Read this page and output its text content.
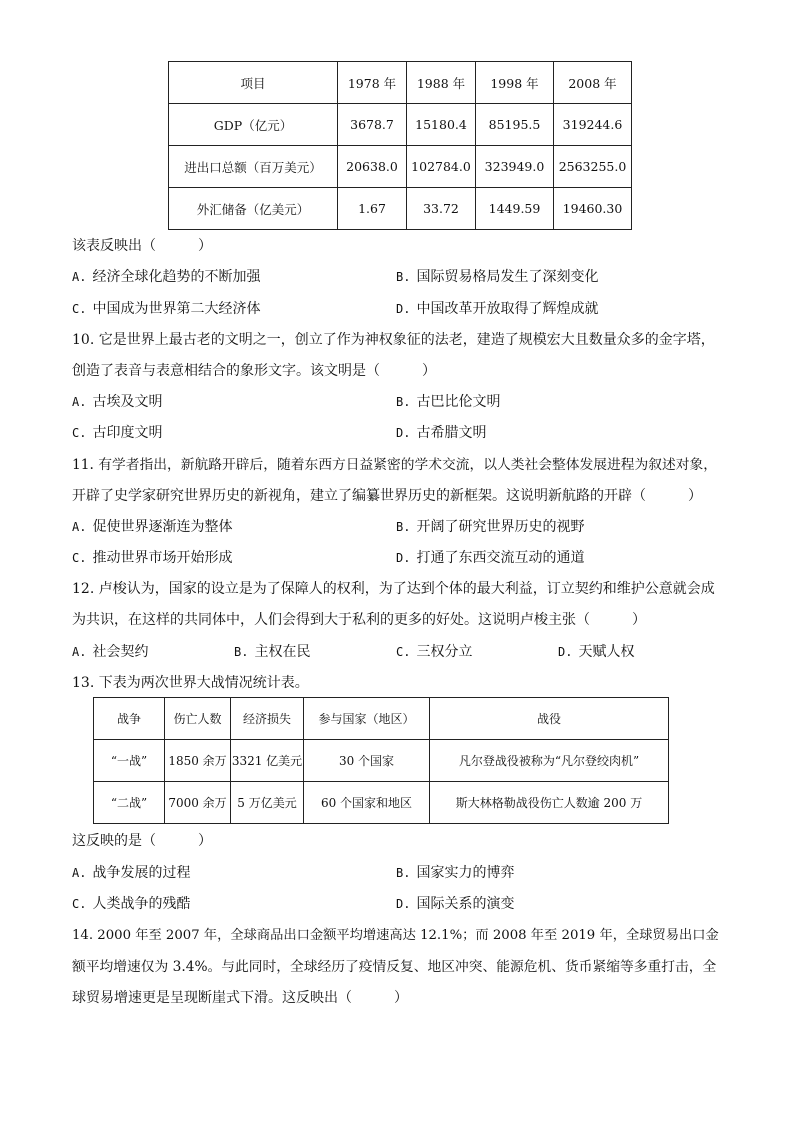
项目	1978 年	1988 年	1998 年	2008 年
GDP（亿元）	3678.7	15180.4	85195.5	319244.6
进出口总额（百万美元）	20638.0	102784.0	323949.0	2563255.0
外汇储备（亿美元）	1.67	33.72	1449.59	19460.30
该表反映出（　　　）
A. 经济全球化趋势的不断加强	B. 国际贸易格局发生了深刻变化
C. 中国成为世界第二大经济体	D. 中国改革开放取得了辉煌成就
10. 它是世界上最古老的文明之一，创立了作为神权象征的法老，建造了规模宏大且数量众多的金字塔，
创造了表音与表意相结合的象形文字。该文明是（　　　）
A. 古埃及文明	B. 古巴比伦文明
C. 古印度文明	D. 古希腊文明
11. 有学者指出，新航路开辟后，随着东西方日益紧密的学术交流，以人类社会整体发展进程为叙述对象，
开辟了史学家研究世界历史的新视角，建立了编纂世界历史的新框架。这说明新航路的开辟（　　　）
A. 促使世界逐渐连为整体	B. 开阔了研究世界历史的视野
C. 推动世界市场开始形成	D. 打通了东西交流互动的通道
12. 卢梭认为，国家的设立是为了保障人的权利，为了达到个体的最大利益，订立契约和维护公意就会成
为共识，在这样的共同体中，人们会得到大于私利的更多的好处。这说明卢梭主张（　　　）
A. 社会契约	B. 主权在民	C. 三权分立	D. 天赋人权
13. 下表为两次世界大战情况统计表。
战争	伤亡人数	经济损失	参与国家（地区）	战役
“一战”	1850 余万	3321 亿美元	30 个国家	凡尔登战役被称为“凡尔登绞肉机”
“二战”	7000 余万	5 万亿美元	60 个国家和地区	斯大林格勒战役伤亡人数逾 200 万
这反映的是（　　　）
A. 战争发展的过程	B. 国家实力的博弈
C. 人类战争的残酷	D. 国际关系的演变
14. 2000 年至 2007 年，全球商品出口金额平均增速高达 12.1%；而 2008 年至 2019 年，全球贸易出口金
额平均增速仅为 3.4%。与此同时，全球经历了疫情反复、地区冲突、能源危机、货币紧缩等多重打击，全
球贸易增速更是呈现断崖式下滑。这反映出（　　　）
